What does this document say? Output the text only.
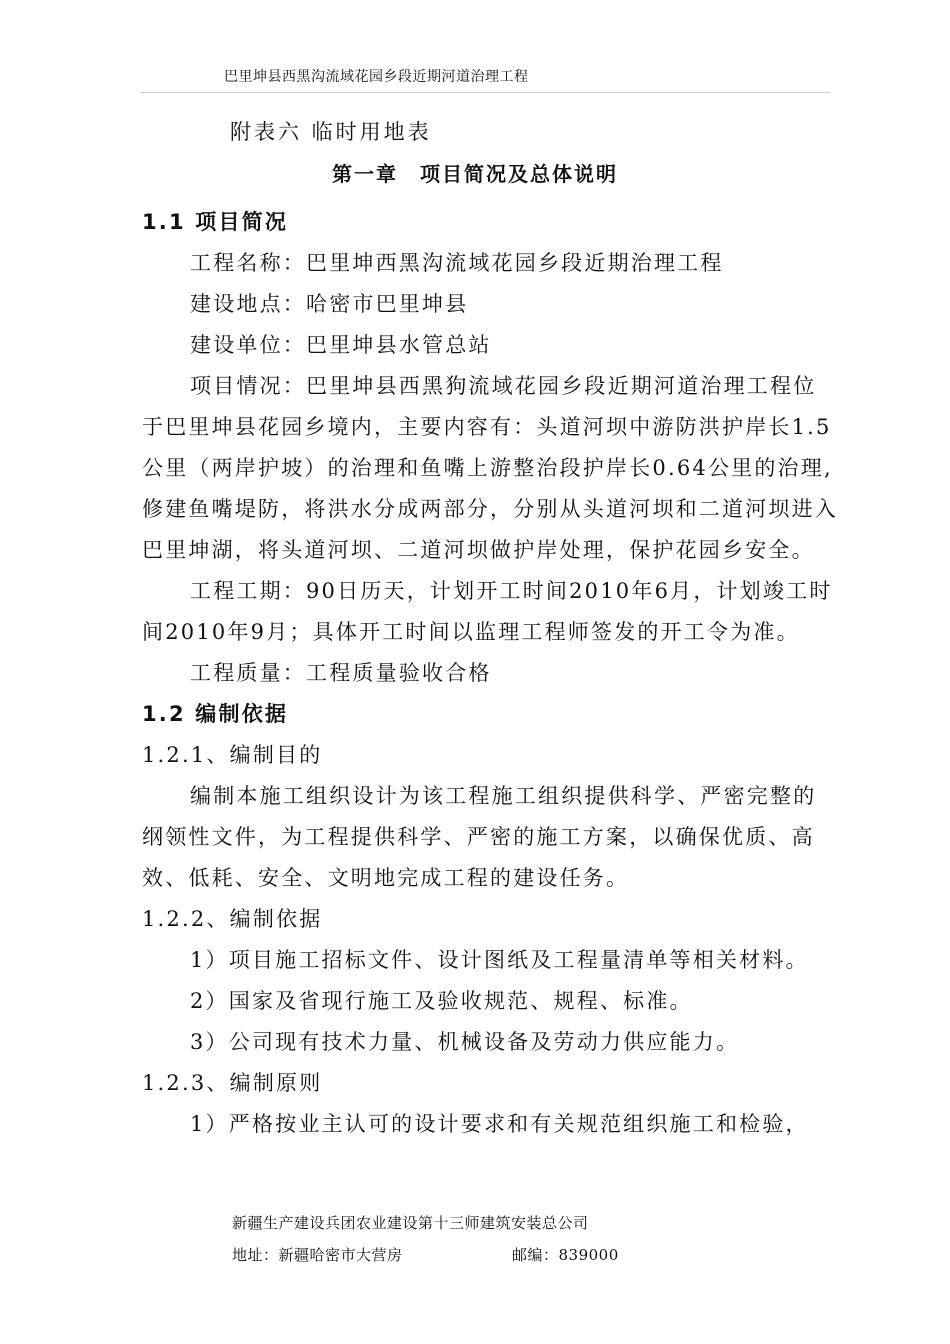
巴里坤县西黑沟流域花园乡段近期河道治理工程
附表六 临时用地表
第一章　项目简况及总体说明

1.1 项目简况

工程名称：巴里坤西黑沟流域花园乡段近期治理工程

建设地点：哈密市巴里坤县

建设单位：巴里坤县水管总站

项目情况：巴里坤县西黑狗流域花园乡段近期河道治理工程位于巴里坤县花园乡境内，主要内容有：头道河坝中游防洪护岸长1.5公里（两岸护坡）的治理和鱼嘴上游整治段护岸长0.64公里的治理,修建鱼嘴堤防，将洪水分成两部分，分别从头道河坝和二道河坝进入巴里坤湖，将头道河坝、二道河坝做护岸处理，保护花园乡安全。

工程工期：90日历天，计划开工时间2010年6月，计划竣工时间2010年9月；具体开工时间以监理工程师签发的开工令为准。

工程质量：工程质量验收合格

1.2 编制依据

1.2.1、编制目的

编制本施工组织设计为该工程施工组织提供科学、严密完整的纲领性文件，为工程提供科学、严密的施工方案，以确保优质、高效、低耗、安全、文明地完成工程的建设任务。

1.2.2、编制依据

1）项目施工招标文件、设计图纸及工程量清单等相关材料。

2）国家及省现行施工及验收规范、规程、标准。

3）公司现有技术力量、机械设备及劳动力供应能力。

1.2.3、编制原则

1）严格按业主认可的设计要求和有关规范组织施工和检验，

新疆生产建设兵团农业建设第十三师建筑安装总公司
地址：新疆哈密市大营房	邮编：839000
